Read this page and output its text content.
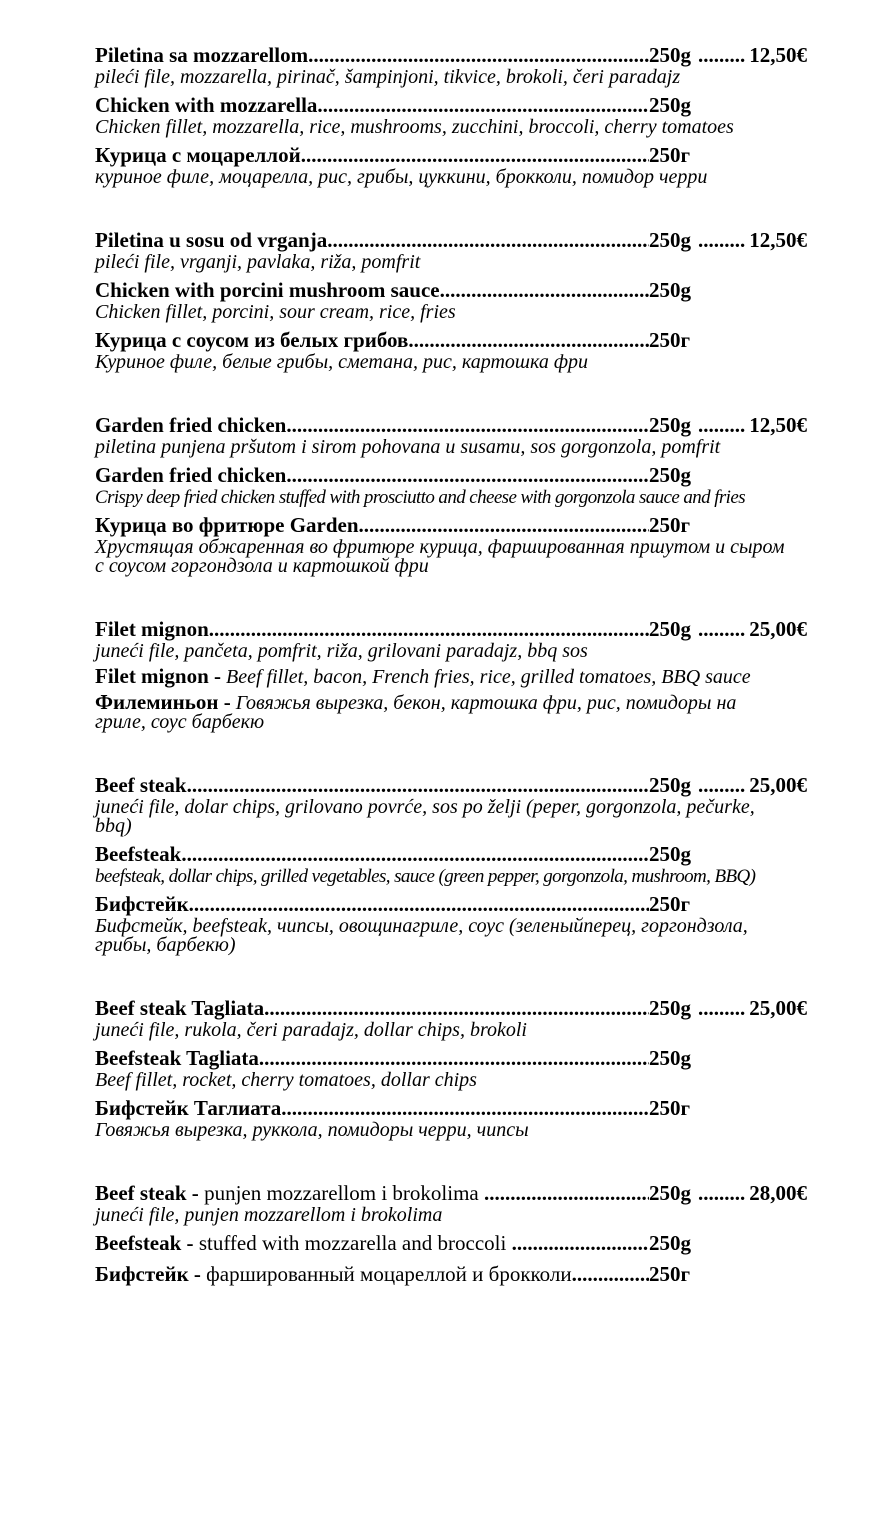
Piletina sa mozzarellom .....	250g .....	12,50€
pileći file, mozzarella, pirinač, šampinjoni, tikvice, brokoli, čeri paradajz
Chicken with mozzarella .....	250g
Chicken fillet, mozzarella, rice, mushrooms, zucchini, broccoli, cherry tomatoes
Курица с моцареллой .....	250г
куриное филе, моцарелла, рис, грибы, цуккини, брокколи, помидор черри
Piletina u sosu od vrganja .....	250g .....	12,50€
pileći file, vrganji, pavlaka, riža, pomfrit
Chicken with porcini mushroom sauce .....	250g
Chicken fillet, porcini, sour cream, rice, fries
Курица с соусом из белых грибов .....	250г
Куриное филе, белые грибы, сметана, рис, картошка фри
Garden fried chicken .....	250g .....	12,50€
piletina punjena pršutom i sirom pohovana u susamu, sos gorgonzola, pomfrit
Garden fried chicken .....	250g
Crispy deep fried chicken stuffed with prosciutto and cheese with gorgonzola sauce and fries
Курица во фритюре Garden .....	250г
Хрустящая обжаренная во фритюре курица, фаршированная пршутом и сыром с соусом горгондзола и картошкой фри
Filet mignon .....	250g .....	25,00€
juneći file, pančeta, pomfrit, riža, grilovani paradajz, bbq sos
Filet mignon - Beef fillet, bacon, French fries, rice, grilled tomatoes, BBQ sauce
Филеминьон - Говяжья вырезка, бекон, картошка фри, рис, помидоры на гриле, соус барбекю
Beef steak .....	250g .....	25,00€
juneći file, dolar chips, grilovano povrće, sos po želji (peper, gorgonzola, pečurke, bbq)
Beefsteak .....	250g
beefsteak, dollar chips, grilled vegetables, sauce (green pepper, gorgonzola, mushroom, BBQ)
Бифстейк .....	250г
Бифстейк, beefsteak, чипсы, овощинагриле, соус (зеленыйперец, горгондзола, грибы, барбекю)
Beef steak Tagliata .....	250g .....	25,00€
juneći file, rukola, čeri paradajz, dollar chips, brokoli
Beefsteak Tagliata .....	250g
Beef fillet, rocket, cherry tomatoes, dollar chips
Бифстейк Таглиата .....	250г
Говяжья вырезка, руккола, помидоры черри, чипсы
Beef steak - punjen mozzarellom i brokolima .....	250g .....	28,00€
juneći file, punjen mozzarellom i brokolima
Beefsteak - stuffed with mozzarella and broccoli .....	250g
Бифстейк - фаршированный моцареллой и брокколи .....	250г
